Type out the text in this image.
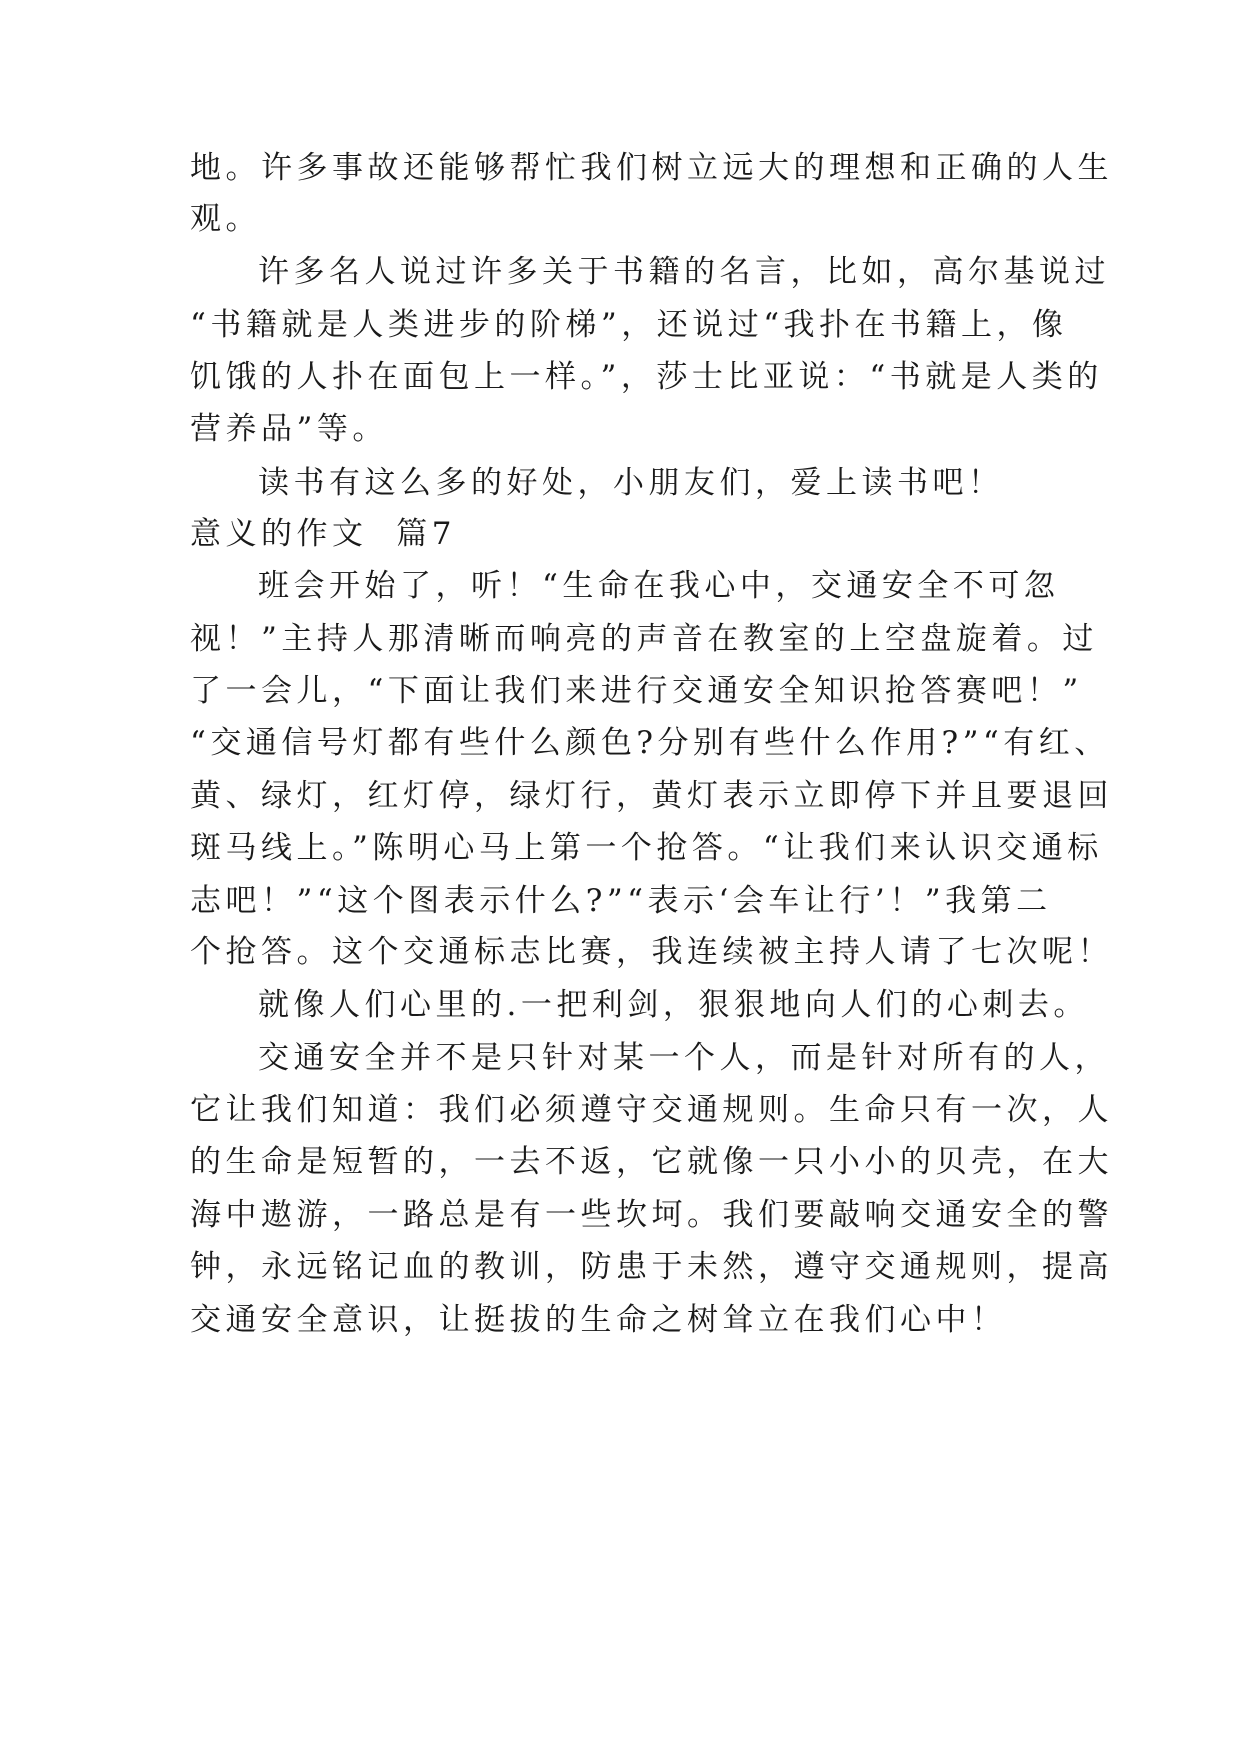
地。许多事故还能够帮忙我们树立远大的理想和正确的人生
观。
许多名人说过许多关于书籍的名言，比如，高尔基说过
“书籍就是人类进步的阶梯”，还说过“我扑在书籍上，像
饥饿的人扑在面包上一样。”，莎士比亚说：“书就是人类的
营养品”等。
读书有这么多的好处，小朋友们，爱上读书吧！
意义的作文  篇7
班会开始了，听！“生命在我心中，交通安全不可忽
视！”主持人那清晰而响亮的声音在教室的上空盘旋着。过
了一会儿，“下面让我们来进行交通安全知识抢答赛吧！”
“交通信号灯都有些什么颜色?分别有些什么作用?”“有红、
黄、绿灯，红灯停，绿灯行，黄灯表示立即停下并且要退回
斑马线上。”陈明心马上第一个抢答。“让我们来认识交通标
志吧！”“这个图表示什么?”“表示‘会车让行’！”我第二
个抢答。这个交通标志比赛，我连续被主持人请了七次呢！
就像人们心里的.一把利剑，狠狠地向人们的心刺去。
交通安全并不是只针对某一个人，而是针对所有的人，
它让我们知道：我们必须遵守交通规则。生命只有一次，人
的生命是短暂的，一去不返，它就像一只小小的贝壳，在大
海中遨游，一路总是有一些坎坷。我们要敲响交通安全的警
钟，永远铭记血的教训，防患于未然，遵守交通规则，提高
交通安全意识，让挺拔的生命之树耸立在我们心中！
